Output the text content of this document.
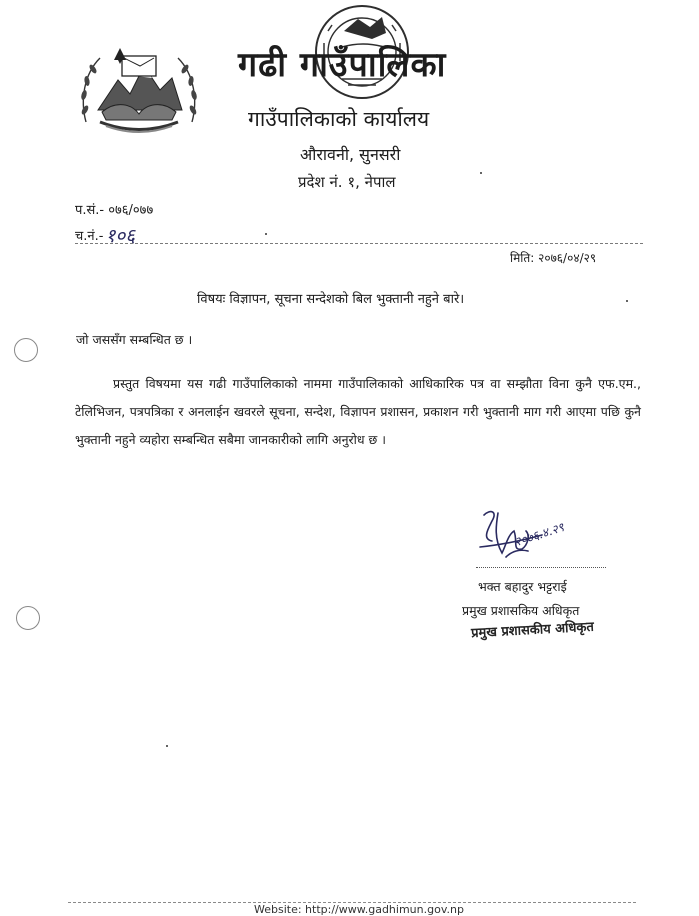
गढी गाउँपालिका
गाउँपालिकाको कार्यालय
औरावनी, सुनसरी
प्रदेश नं. १, नेपाल
प.सं.- ०७६/०७७
च.नं.- १०६
मिति: २०७६/०४/२९
विषयः विज्ञापन, सूचना सन्देशको बिल भुक्तानी नहुने बारे।
जो जससँग सम्बन्धित छ ।
प्रस्तुत विषयमा यस गढी गाउँपालिकाको नाममा गाउँपालिकाको आधिकारिक पत्र वा सम्झौता विना कुनै एफ.एम., टेलिभिजन, पत्रपत्रिका र अनलाईन खवरले सूचना, सन्देश, विज्ञापन प्रशासन, प्रकाशन गरी भुक्तानी माग गरी आएमा पछि कुनै भुक्तानी नहुने व्यहोरा सम्बन्धित सबैमा जानकारीको लागि अनुरोध छ ।
२०७६.४.२९
भक्त बहादुर भट्टराई
प्रमुख प्रशासकिय अधिकृत
प्रमुख प्रशासकीय अधिकृत
Website: http://www.gadhimun.gov.np
